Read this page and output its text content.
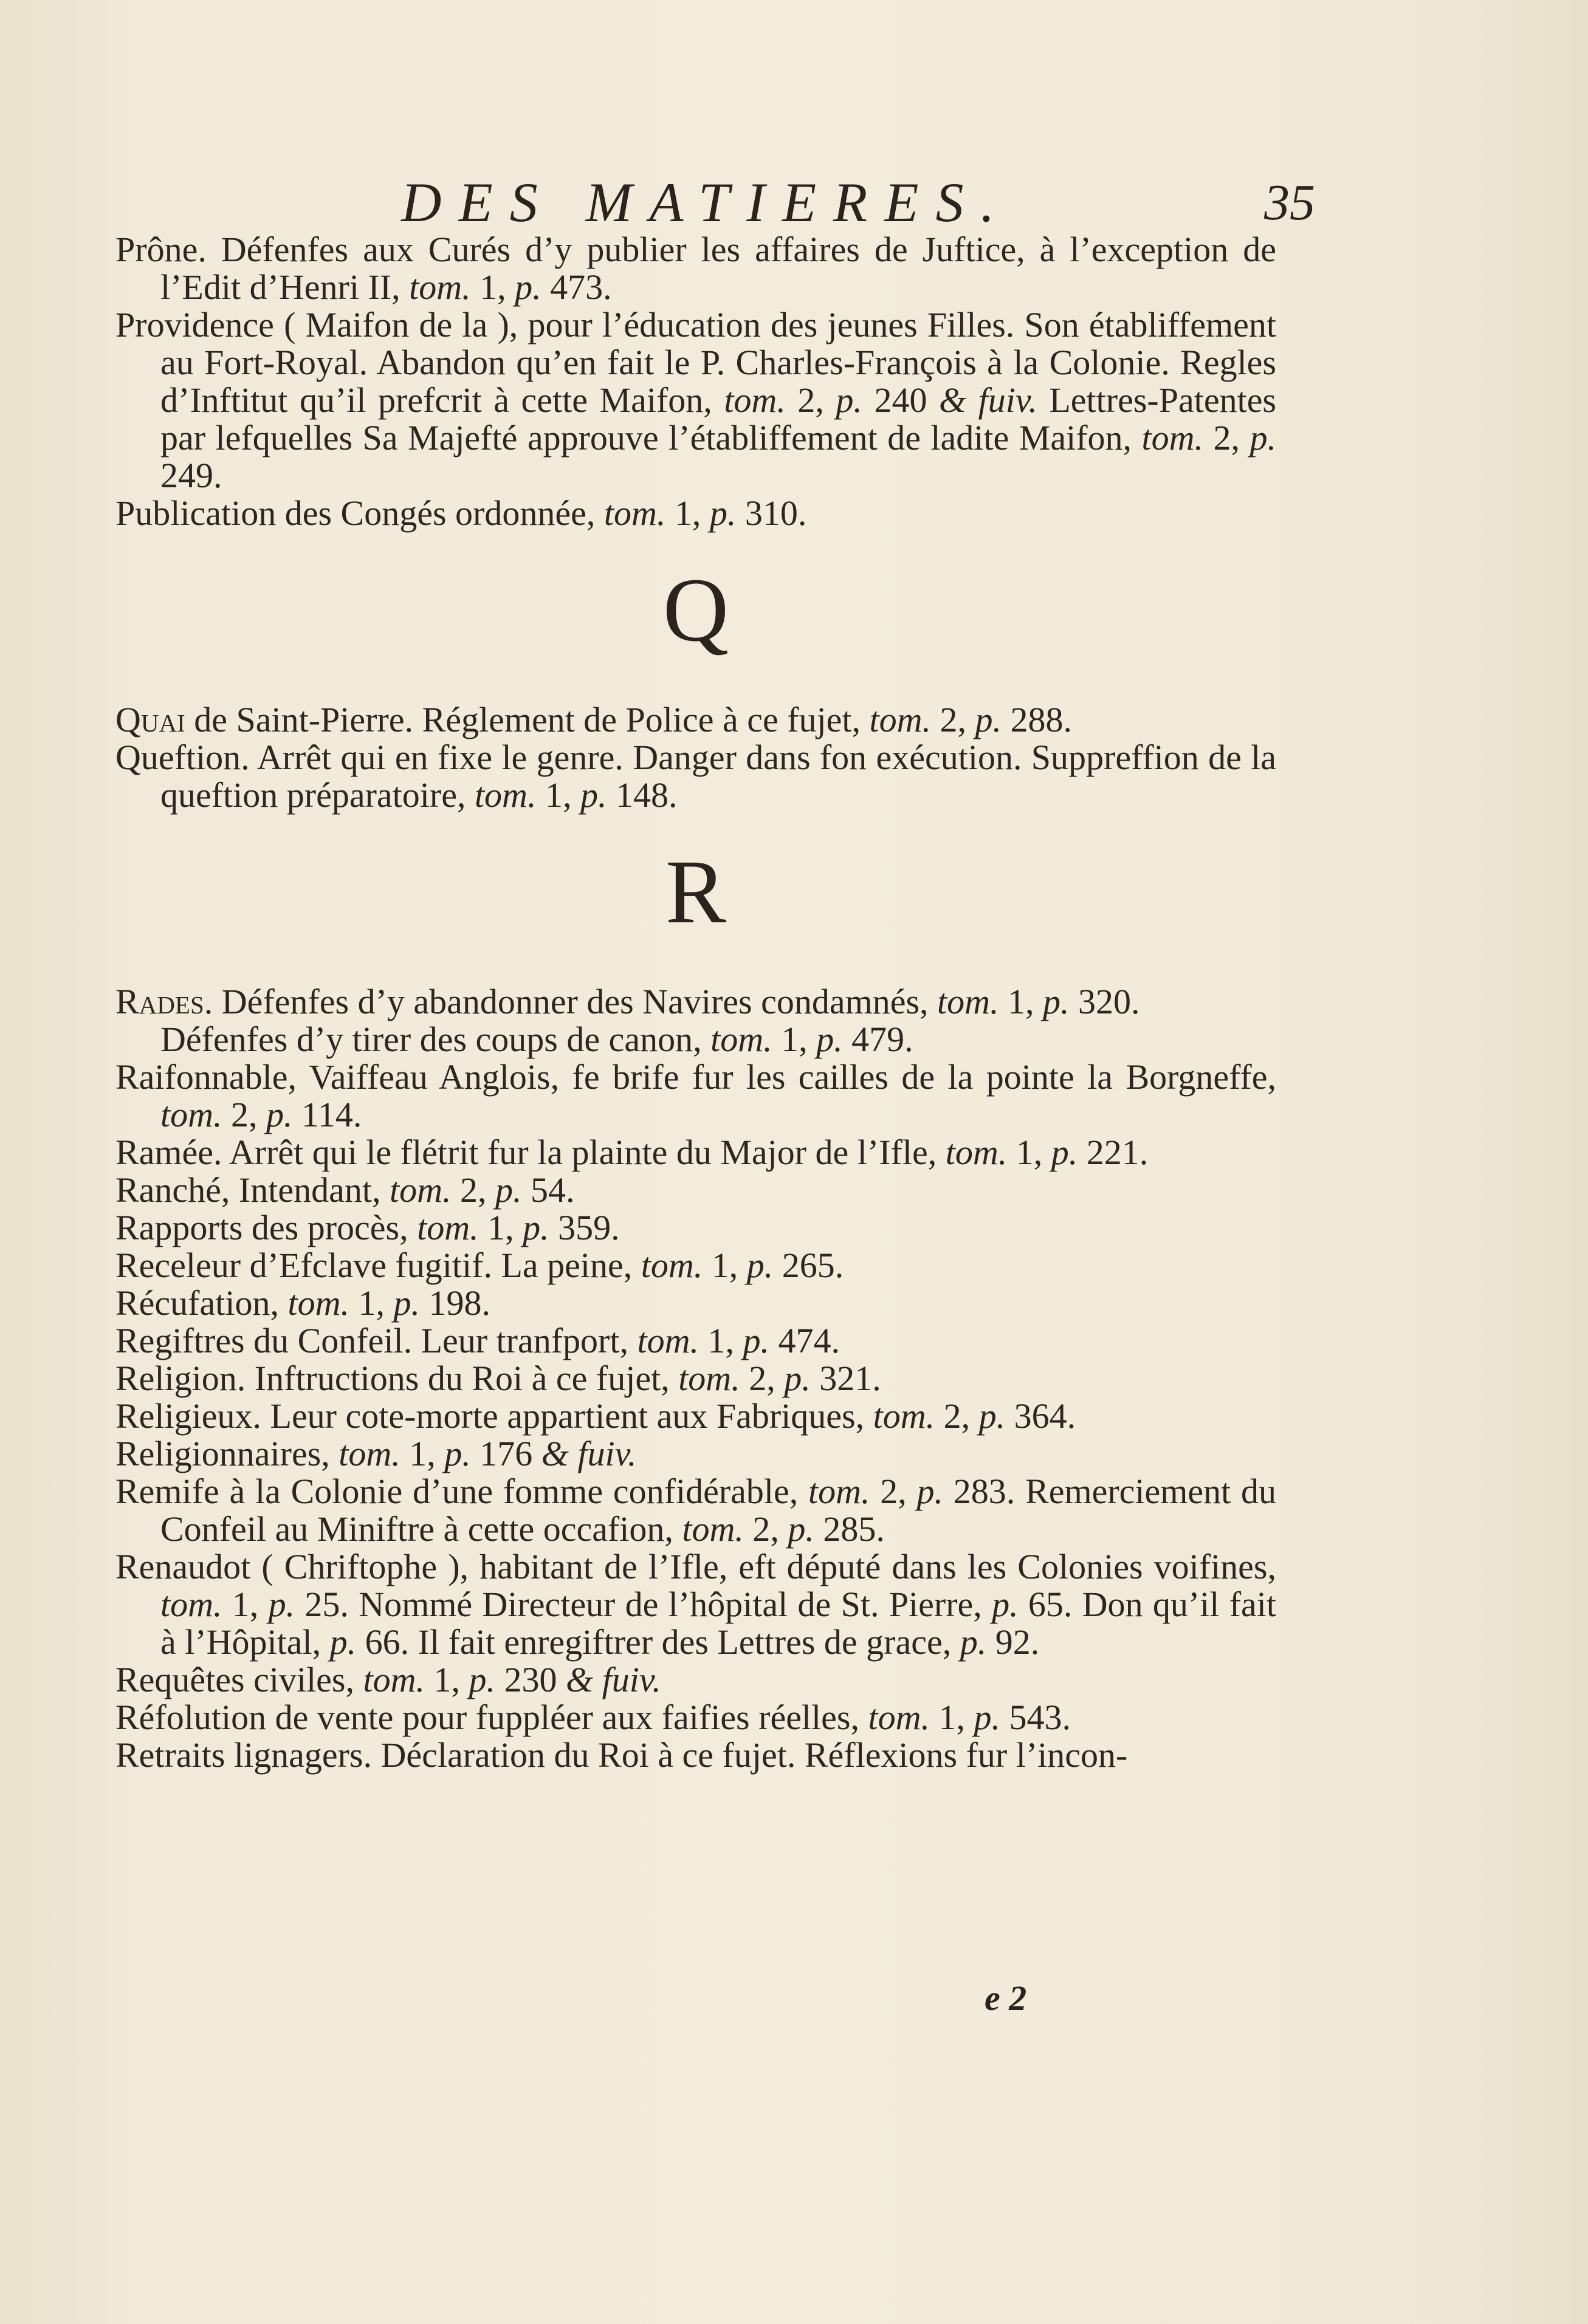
DES MATIERES.	35

Prône. Défenfes aux Curés d’y publier les affaires de Juftice, à l’exception de l’Edit d’Henri II, tom. 1, p. 473.

Providence ( Maifon de la ), pour l’éducation des jeunes Filles. Son établiffement au Fort-Royal. Abandon qu’en fait le P. Charles-François à la Colonie. Regles d’Inftitut qu’il prefcrit à cette Maifon, tom. 2, p. 240 & fuiv. Lettres-Patentes par lefquelles Sa Majefté approuve l’établiffement de ladite Maifon, tom. 2, p. 249.

Publication des Congés ordonnée, tom. 1, p. 310.

Q

Quai de Saint-Pierre. Réglement de Police à ce fujet, tom. 2, p. 288.

Queftion. Arrêt qui en fixe le genre. Danger dans fon exécution. Suppreffion de la queftion préparatoire, tom. 1, p. 148.

R

Rades. Défenfes d’y abandonner des Navires condamnés, tom. 1, p. 320.

Défenfes d’y tirer des coups de canon, tom. 1, p. 479.

Raifonnable, Vaiffeau Anglois, fe brife fur les cailles de la pointe la Borgneffe, tom. 2, p. 114.

Ramée. Arrêt qui le flétrit fur la plainte du Major de l’Ifle, tom. 1, p. 221.

Ranché, Intendant, tom. 2, p. 54.

Rapports des procès, tom. 1, p. 359.

Receleur d’Efclave fugitif. La peine, tom. 1, p. 265.

Récufation, tom. 1, p. 198.

Regiftres du Confeil. Leur tranfport, tom. 1, p. 474.

Religion. Inftructions du Roi à ce fujet, tom. 2, p. 321.

Religieux. Leur cote-morte appartient aux Fabriques, tom. 2, p. 364.

Religionnaires, tom. 1, p. 176 & fuiv.

Remife à la Colonie d’une fomme confidérable, tom. 2, p. 283. Remerciement du Confeil au Miniftre à cette occafion, tom. 2, p. 285.

Renaudot ( Chriftophe ), habitant de l’Ifle, eft député dans les Colonies voifines, tom. 1, p. 25. Nommé Directeur de l’hôpital de St. Pierre, p. 65. Don qu’il fait à l’Hôpital, p. 66. Il fait enregiftrer des Lettres de grace, p. 92.

Requêtes civiles, tom. 1, p. 230 & fuiv.

Réfolution de vente pour fuppléer aux faifies réelles, tom. 1, p. 543.

Retraits lignagers. Déclaration du Roi à ce fujet. Réflexions fur l’incon-

e 2
